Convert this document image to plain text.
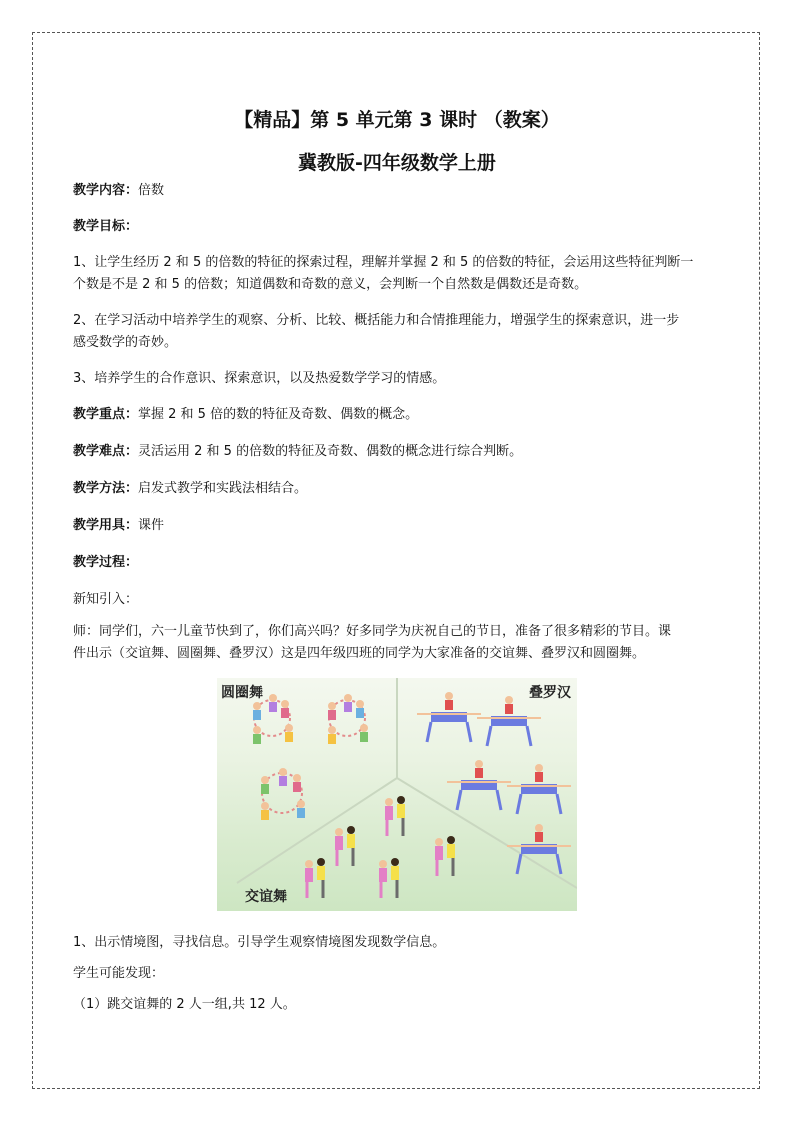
【精品】第 5 单元第 3 课时 （教案）
冀教版-四年级数学上册
教学内容：倍数
教学目标：
1、让学生经历 2 和 5 的倍数的特征的探索过程，理解并掌握 2 和 5 的倍数的特征，会运用这些特征判断一
个数是不是 2 和 5 的倍数；知道偶数和奇数的意义，会判断一个自然数是偶数还是奇数。
2、在学习活动中培养学生的观察、分析、比较、概括能力和合情推理能力，增强学生的探索意识，进一步
感受数学的奇妙。
3、培养学生的合作意识、探索意识，以及热爱数学学习的情感。
教学重点：掌握 2 和 5 倍的数的特征及奇数、偶数的概念。
教学难点：灵活运用 2 和 5 的倍数的特征及奇数、偶数的概念进行综合判断。
教学方法：启发式教学和实践法相结合。
教学用具：课件
教学过程：
新知引入：
师：同学们，六一儿童节快到了，你们高兴吗？好多同学为庆祝自己的节日，准备了很多精彩的节目。课
件出示（交谊舞、圆圈舞、叠罗汉）这是四年级四班的同学为大家准备的交谊舞、叠罗汉和圆圈舞。
圆圈舞	叠罗汉
交谊舞
1、出示情境图，寻找信息。引导学生观察情境图发现数学信息。
学生可能发现：
（1）跳交谊舞的 2 人一组,共 12 人。
